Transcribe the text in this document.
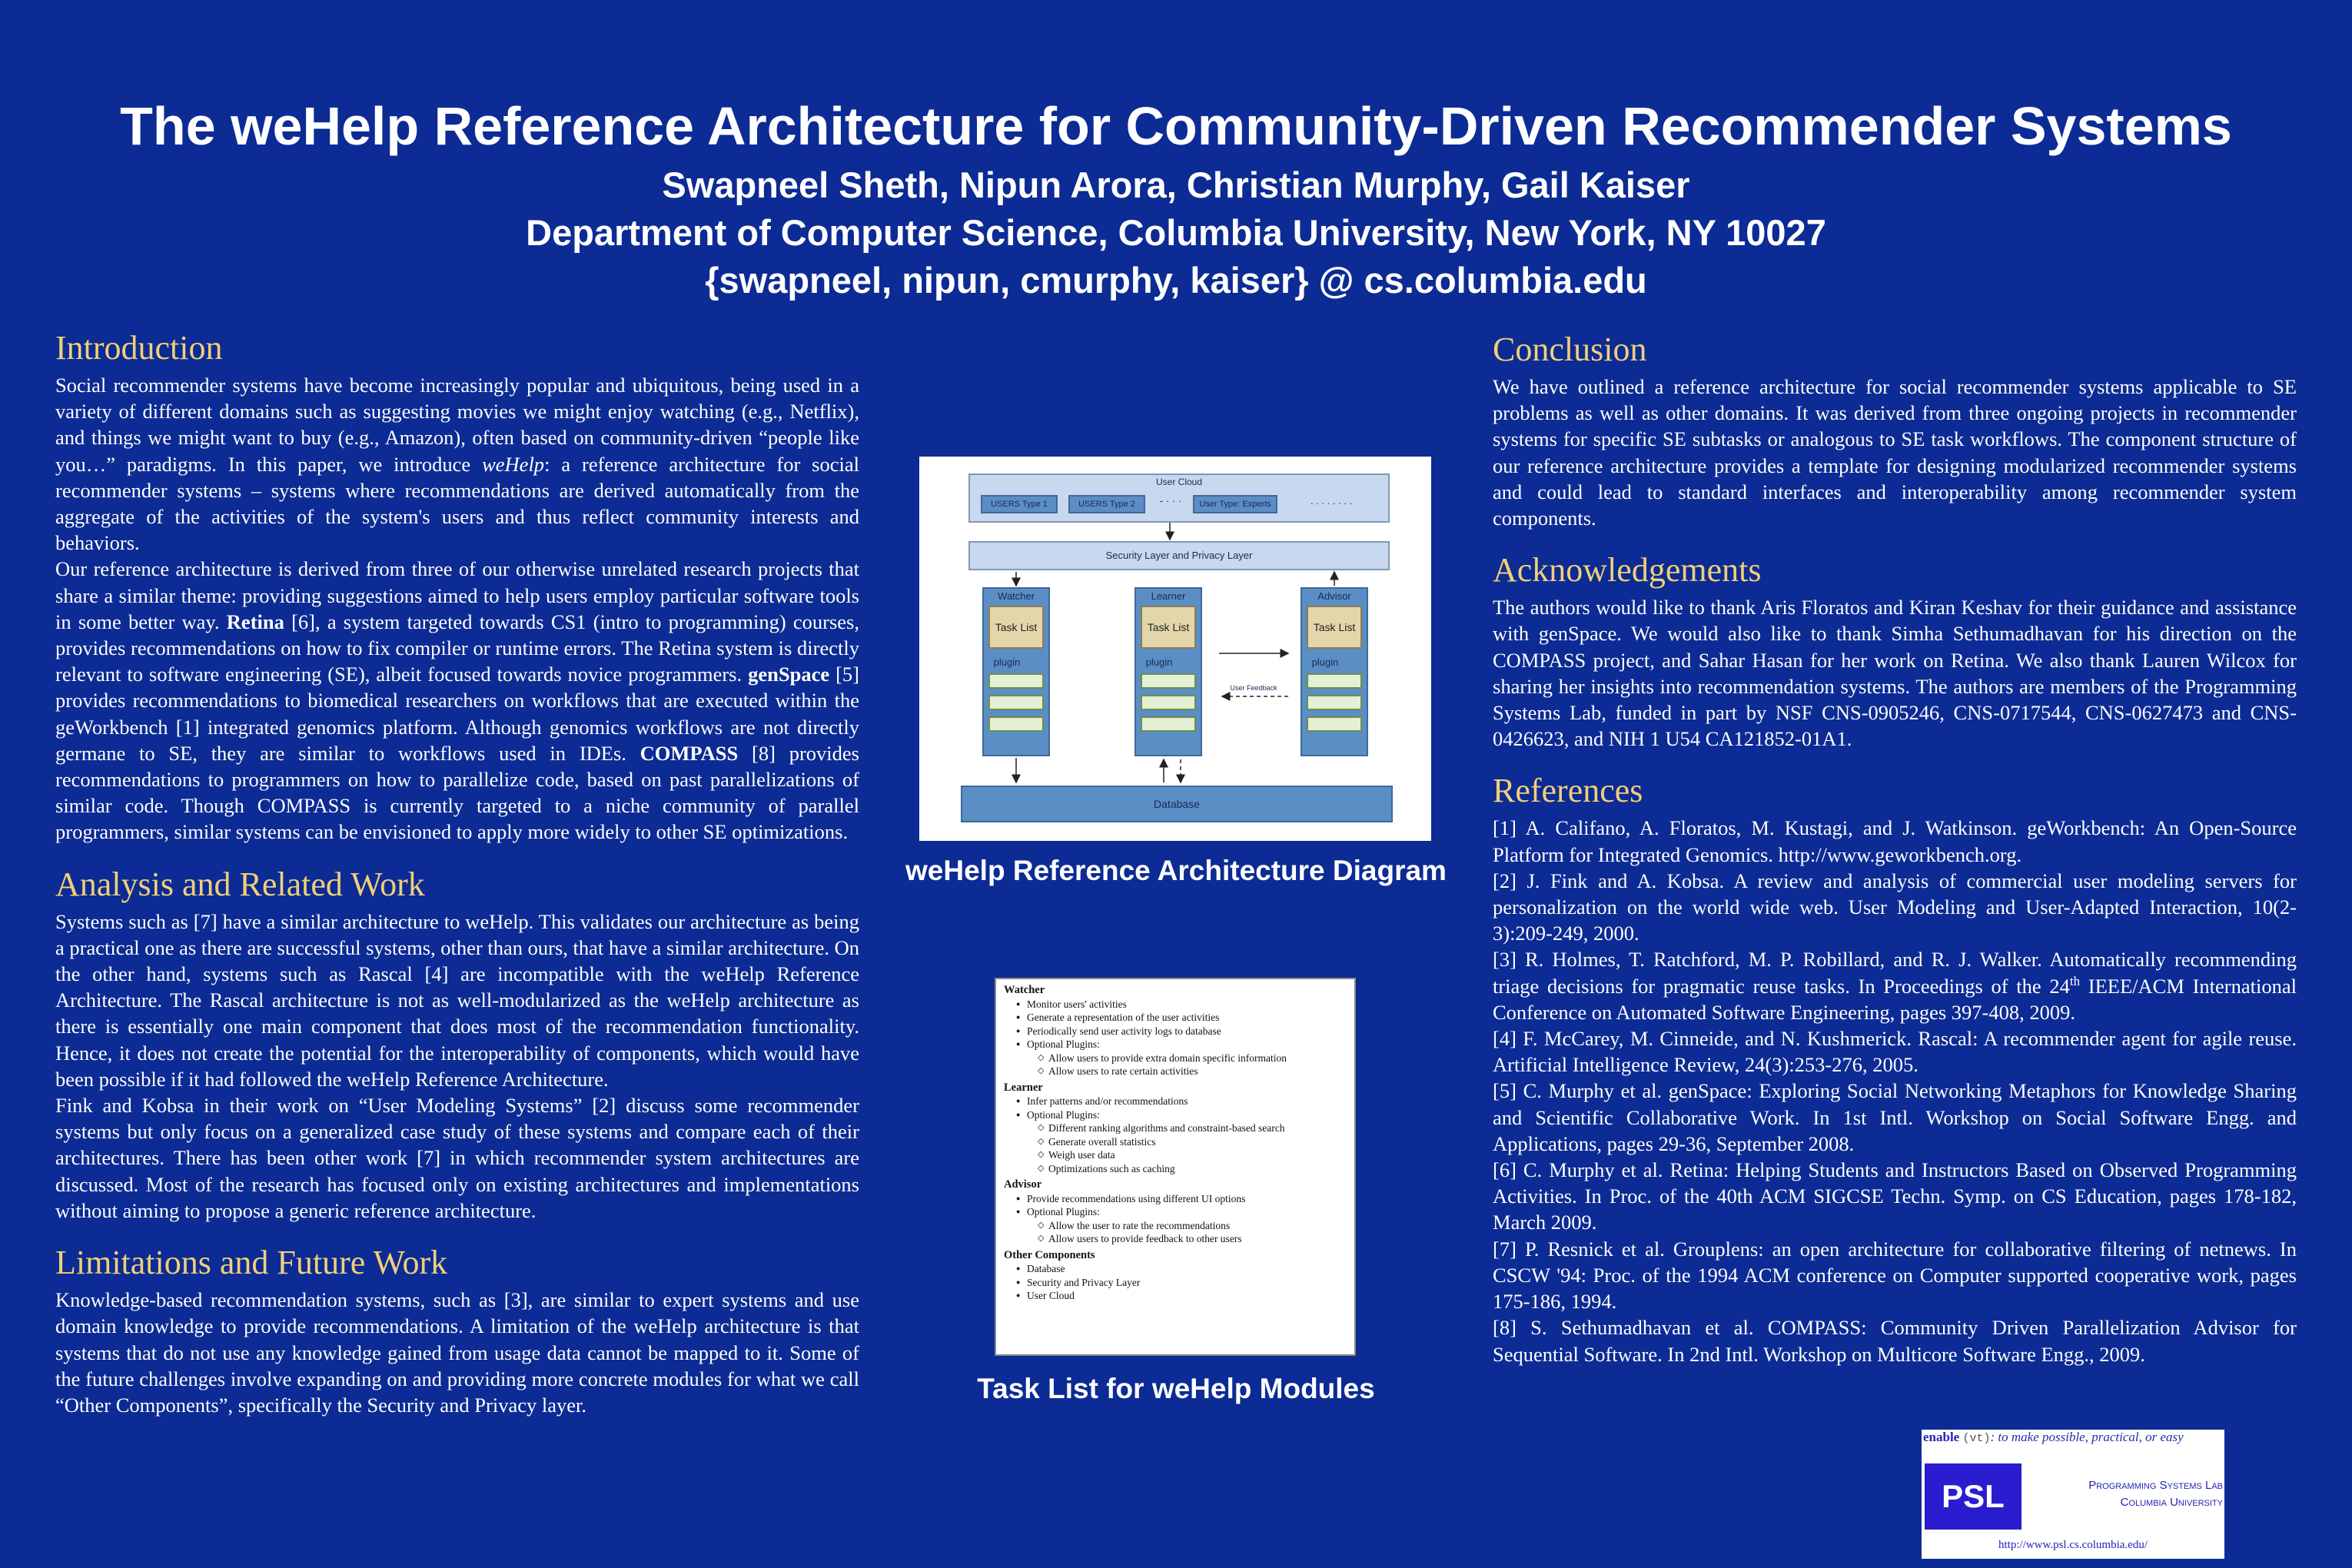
The weHelp Reference Architecture for Community-Driven Recommender Systems
Swapneel Sheth, Nipun Arora, Christian Murphy, Gail Kaiser
Department of Computer Science, Columbia University, New York, NY 10027
{swapneel, nipun, cmurphy, kaiser} @ cs.columbia.edu
Introduction

Social recommender systems have become increasingly popular and ubiquitous, being used in a variety of different domains such as suggesting movies we might enjoy watching (e.g., Netflix), and things we might want to buy (e.g., Amazon), often based on community-driven “people like you…” paradigms. In this paper, we introduce weHelp: a reference architecture for social recommender systems – systems where recommendations are derived automatically from the aggregate of the activities of the system's users and thus reflect community interests and behaviors.

Our reference architecture is derived from three of our otherwise unrelated research projects that share a similar theme: providing suggestions aimed to help users employ particular software tools in some better way. Retina [6], a system targeted towards CS1 (intro to programming) courses, provides recommendations on how to fix compiler or runtime errors. The Retina system is directly relevant to software engineering (SE), albeit focused towards novice programmers. genSpace [5] provides recommendations to biomedical researchers on workflows that are executed within the geWorkbench [1] integrated genomics platform. Although genomics workflows are not directly germane to SE, they are similar to workflows used in IDEs. COMPASS [8] provides recommendations to programmers on how to parallelize code, based on past parallelizations of similar code. Though COMPASS is currently targeted to a niche community of parallel programmers, similar systems can be envisioned to apply more widely to other SE optimizations.

Analysis and Related Work

Systems such as [7] have a similar architecture to weHelp. This validates our architecture as being a practical one as there are successful systems, other than ours, that have a similar architecture. On the other hand, systems such as Rascal [4] are incompatible with the weHelp Reference Architecture. The Rascal architecture is not as well-modularized as the weHelp architecture as there is essentially one main component that does most of the recommendation functionality. Hence, it does not create the potential for the interoperability of components, which would have been possible if it had followed the weHelp Reference Architecture.

Fink and Kobsa in their work on “User Modeling Systems” [2] discuss some recommender systems but only focus on a generalized case study of these systems and compare each of their architectures. There has been other work [7] in which recommender system architectures are discussed. Most of the research has focused only on existing architectures and implementations without aiming to propose a generic reference architecture.

Limitations and Future Work

Knowledge-based recommendation systems, such as [3], are similar to expert systems and use domain knowledge to provide recommendations. A limitation of the weHelp architecture is that systems that do not use any knowledge gained from usage data cannot be mapped to it. Some of the future challenges involve expanding on and providing more concrete modules for what we call “Other Components”, specifically the Security and Privacy layer.

User Cloud
USERS Type 1	USERS Type 2	- · · ·	User Type: Experts	. . . . . . . .
Security Layer and Privacy Layer
Watcher
Task List
plugin
Learner
Task List
plugin
Advisor
Task List
plugin
User Feedback
Database
weHelp Reference Architecture Diagram
Watcher
● Monitor users' activities
● Generate a representation of the user activities
● Periodically send user activity logs to database
● Optional Plugins:
◇ Allow users to provide extra domain specific information
◇ Allow users to rate certain activities
Learner
● Infer patterns and/or recommendations
● Optional Plugins:
◇ Different ranking algorithms and constraint-based search
◇ Generate overall statistics
◇ Weigh user data
◇ Optimizations such as caching
Advisor
● Provide recommendations using different UI options
● Optional Plugins:
◇ Allow the user to rate the recommendations
◇ Allow users to provide feedback to other users
Other Components
● Database
● Security and Privacy Layer
● User Cloud
Task List for weHelp Modules
Conclusion

We have outlined a reference architecture for social recommender systems applicable to SE problems as well as other domains. It was derived from three ongoing projects in recommender systems for specific SE subtasks or analogous to SE task workflows. The component structure of our reference architecture provides a template for designing modularized recommender systems and could lead to standard interfaces and interoperability among recommender system components.

Acknowledgements

The authors would like to thank Aris Floratos and Kiran Keshav for their guidance and assistance with genSpace. We would also like to thank Simha Sethumadhavan for his direction on the COMPASS project, and Sahar Hasan for her work on Retina. We also thank Lauren Wilcox for sharing her insights into recommendation systems. The authors are members of the Programming Systems Lab, funded in part by NSF CNS-0905246, CNS-0717544, CNS-0627473 and CNS-0426623, and NIH 1 U54 CA121852-01A1.

References

[1] A. Califano, A. Floratos, M. Kustagi, and J. Watkinson. geWorkbench: An Open-Source Platform for Integrated Genomics. http://www.geworkbench.org.

[2] J. Fink and A. Kobsa. A review and analysis of commercial user modeling servers for personalization on the world wide web. User Modeling and User-Adapted Interaction, 10(2-3):209-249, 2000.

[3] R. Holmes, T. Ratchford, M. P. Robillard, and R. J. Walker. Automatically recommending triage decisions for pragmatic reuse tasks. In Proceedings of the 24th IEEE/ACM International Conference on Automated Software Engineering, pages 397-408, 2009.

[4] F. McCarey, M. Cinneide, and N. Kushmerick. Rascal: A recommender agent for agile reuse. Artificial Intelligence Review, 24(3):253-276, 2005.

[5] C. Murphy et al. genSpace: Exploring Social Networking Metaphors for Knowledge Sharing and Scientific Collaborative Work. In 1st Intl. Workshop on Social Software Engg. and Applications, pages 29-36, September 2008.

[6] C. Murphy et al. Retina: Helping Students and Instructors Based on Observed Programming Activities. In Proc. of the 40th ACM SIGCSE Techn. Symp. on CS Education, pages 178-182, March 2009.

[7] P. Resnick et al. Grouplens: an open architecture for collaborative filtering of netnews. In CSCW '94: Proc. of the 1994 ACM conference on Computer supported cooperative work, pages 175-186, 1994.

[8] S. Sethumadhavan et al. COMPASS: Community Driven Parallelization Advisor for Sequential Software. In 2nd Intl. Workshop on Multicore Software Engg., 2009.

enable (vt): to make possible, practical, or easy
PSL	Programming Systems Lab
Columbia University
http://www.psl.cs.columbia.edu/
